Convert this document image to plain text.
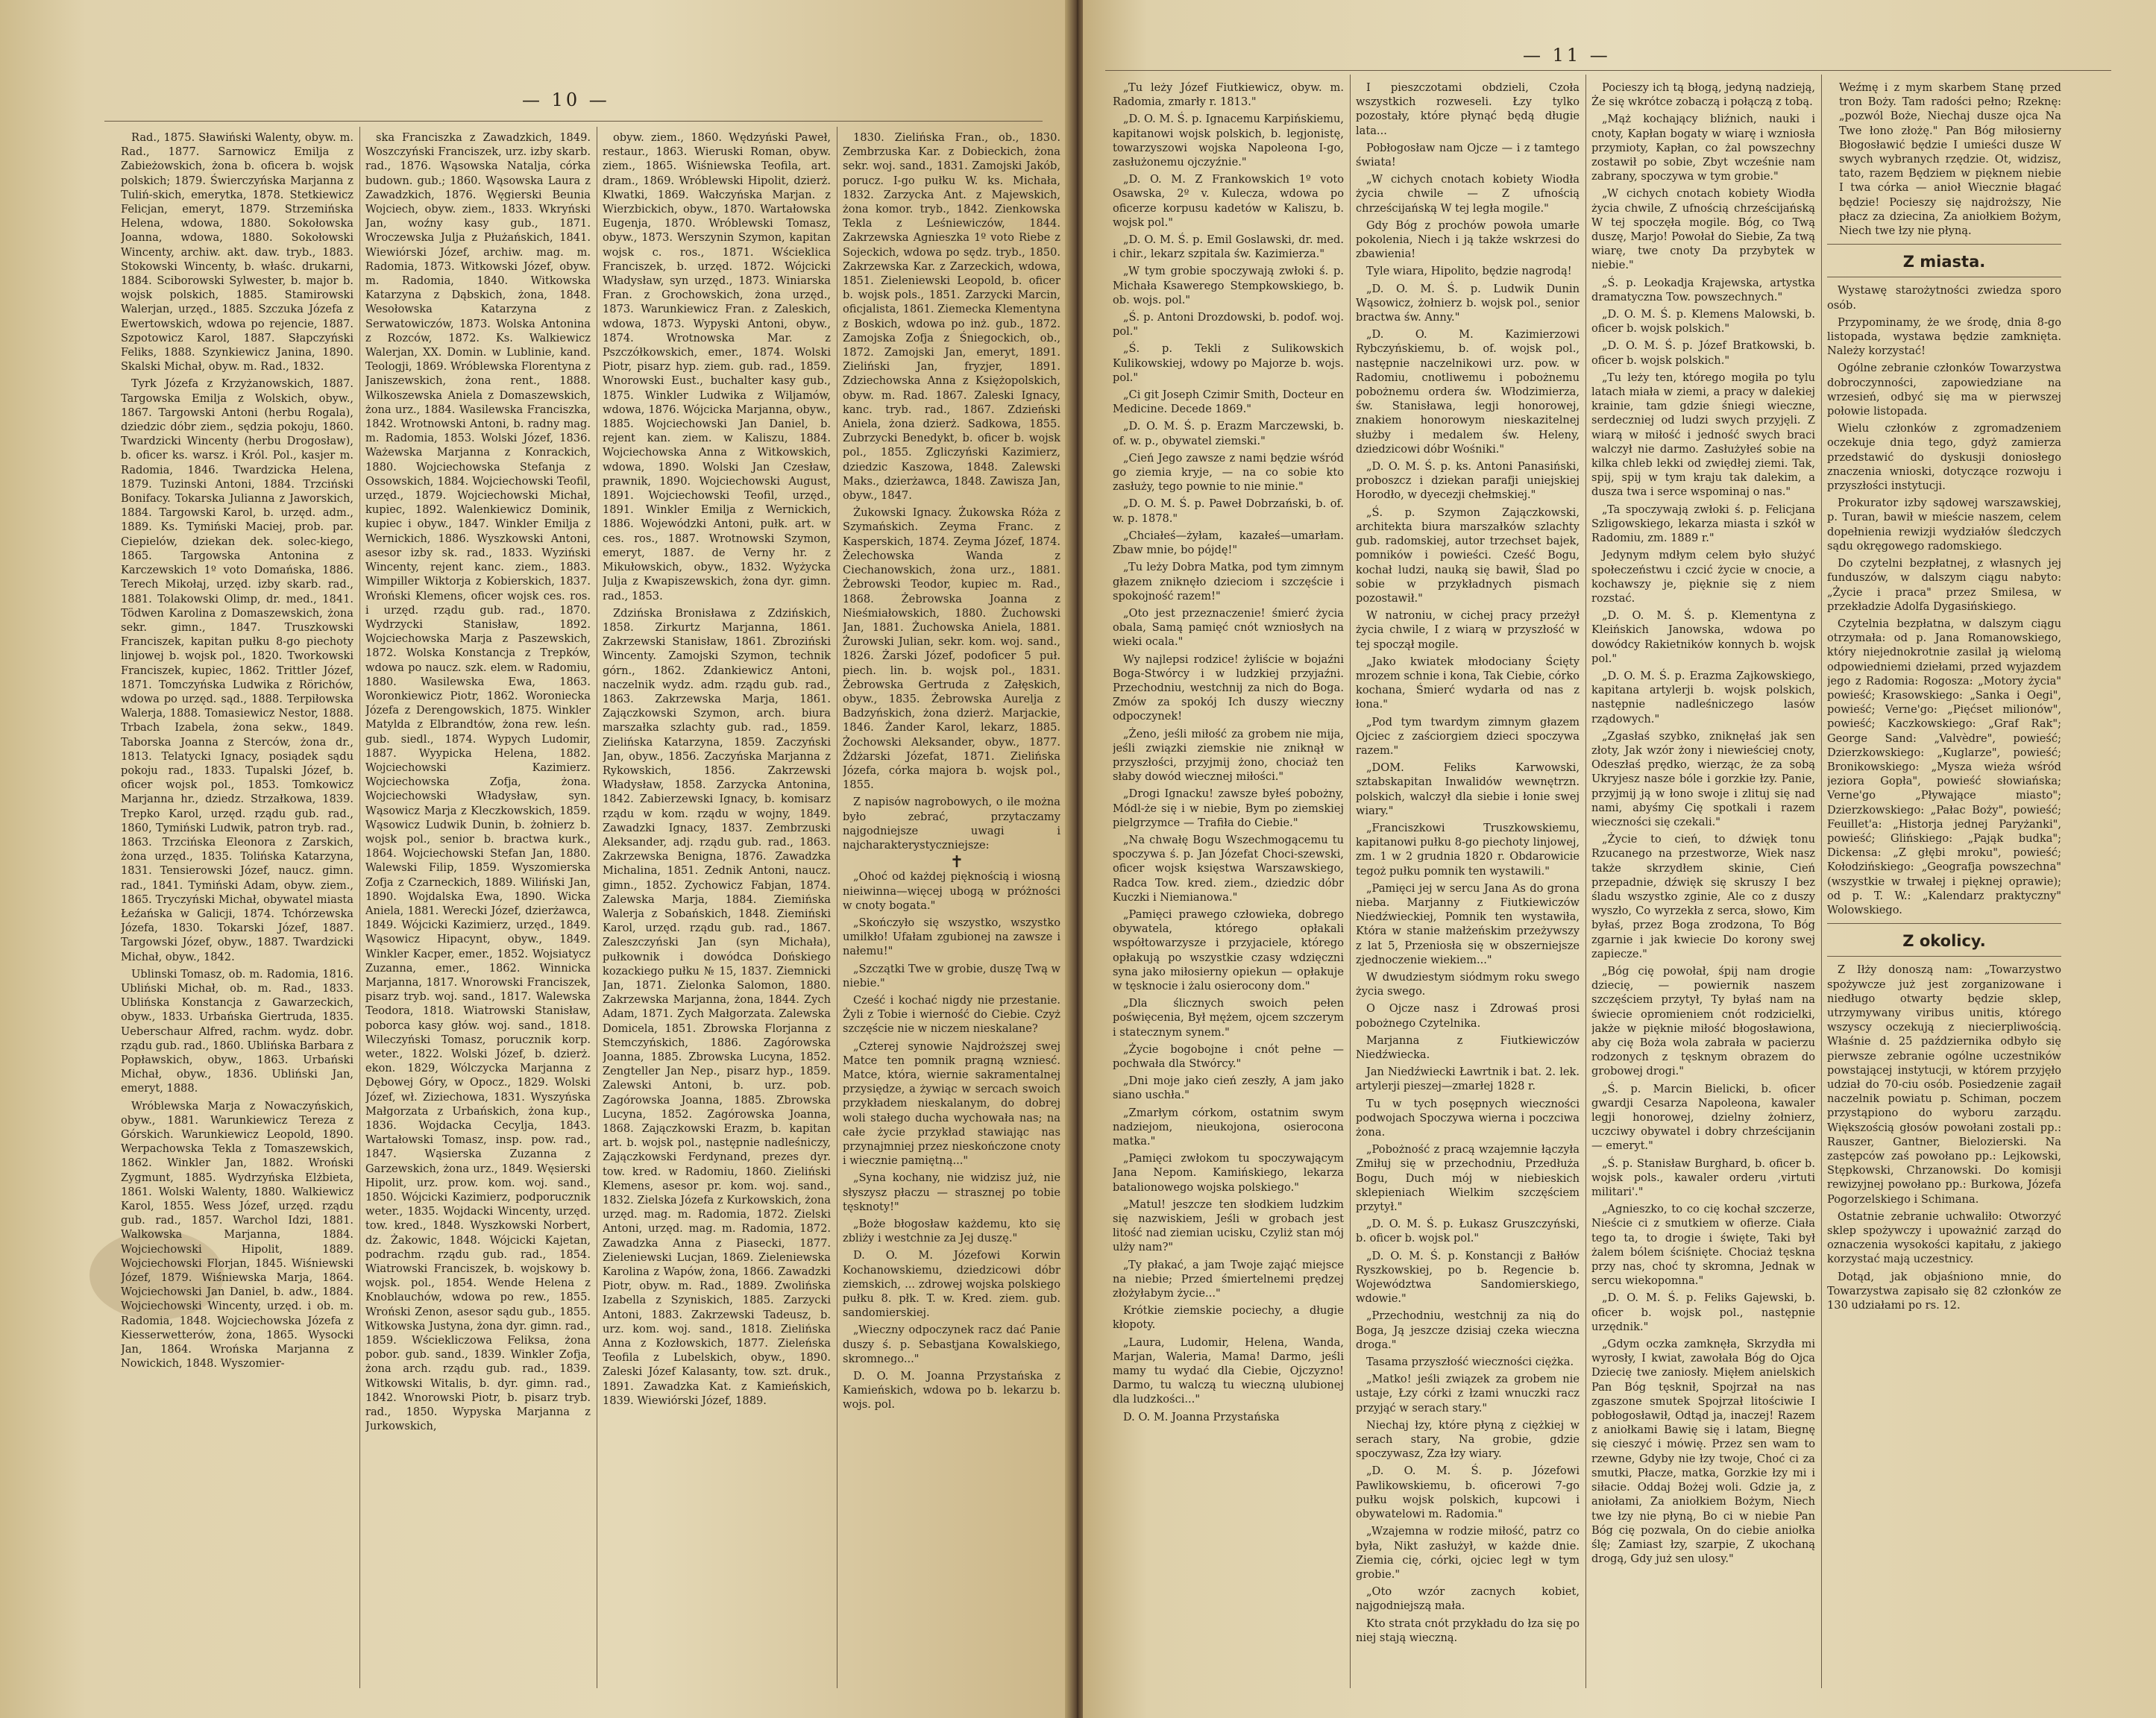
— 10 —

Rad., 1875. Sławiński Walenty, obyw. m. Rad., 1877. Sarnowicz Emilja z Zabieżowskich, żona b. oficera b. wojsk polskich; 1879. Świerczyńska Marjanna z Tuliń-skich, emerytka, 1878. Stetkiewicz Felicjan, emeryt, 1879. Strzemińska Helena, wdowa, 1880. Sokołowska Joanna, wdowa, 1880. Sokołowski Wincenty, archiw. akt. daw. tryb., 1883. Stokowski Wincenty, b. właśc. drukarni, 1884. Sciborowski Sylwester, b. major b. wojsk polskich, 1885. Stamirowski Walerjan, urzęd., 1885. Szczuka Józefa z Ewertowskich, wdowa po rejencie, 1887. Szpotowicz Karol, 1887. Słapczyński Feliks, 1888. Szynkiewicz Janina, 1890. Skalski Michał, obyw. m. Rad., 1832.

Tyrk Józefa z Krzyżanowskich, 1887. Targowska Emilja z Wolskich, obyw., 1867. Targowski Antoni (herbu Rogala), dziedzic dóbr ziem., sędzia pokoju, 1860. Twardzicki Wincenty (herbu Drogosław), b. oficer ks. warsz. i Król. Pol., kasjer m. Radomia, 1846. Twardzicka Helena, 1879. Tuzinski Antoni, 1884. Trzciński Bonifacy. Tokarska Julianna z Jaworskich, 1884. Targowski Karol, b. urzęd. adm., 1889. Ks. Tymiński Maciej, prob. par. Ciepielów, dziekan dek. solec-kiego, 1865. Targowska Antonina z Karczewskich 1º voto Domańska, 1886. Terech Mikołaj, urzęd. izby skarb. rad., 1881. Tolakowski Olimp, dr. med., 1841. Tödwen Karolina z Domaszewskich, żona sekr. gimn., 1847. Truszkowski Franciszek, kapitan pułku 8-go piechoty linjowej b. wojsk pol., 1820. Tworkowski Franciszek, kupiec, 1862. Trittler Józef, 1871. Tomczyńska Ludwika z Rörichów, wdowa po urzęd. sąd., 1888. Terpiłowska Walerja, 1888. Tomasiewicz Nestor, 1888. Trbach Izabela, żona sekw., 1849. Taborska Joanna z Sterców, żona dr., 1813. Telatycki Ignacy, posiądek sądu pokoju rad., 1833. Tupalski Józef, b. oficer wojsk pol., 1853. Tomkowicz Marjanna hr., dziedz. Strzałkowa, 1839. Trepko Karol, urzęd. rządu gub. rad., 1860, Tymiński Ludwik, patron tryb. rad., 1863. Trzcińska Eleonora z Zarskich, żona urzęd., 1835. Tolińska Katarzyna, 1831. Tensierowski Józef, naucz. gimn. rad., 1841. Tymiński Adam, obyw. ziem., 1865. Tryczyński Michał, obywatel miasta Łeźańska w Galicji, 1874. Tchórzewska Józefa, 1830. Tokarski Józef, 1887. Targowski Józef, obyw., 1887. Twardzicki Michał, obyw., 1842.

Ublinski Tomasz, ob. m. Radomia, 1816. Ubliński Michał, ob. m. Rad., 1833. Ublińska Konstancja z Gawarzeckich, obyw., 1833. Urbańska Giertruda, 1835. Ueberschaur Alfred, rachm. wydz. dobr. rządu gub. rad., 1860. Ublińska Barbara z Popławskich, obyw., 1863. Urbański Michał, obyw., 1836. Ubliński Jan, emeryt, 1888.

Wróblewska Marja z Nowaczyńskich, obyw., 1881. Warunkiewicz Tereza z Górskich. Warunkiewicz Leopold, 1890. Werpachowska Tekla z Tomaszewskich, 1862. Winkler Jan, 1882. Wroński Zygmunt, 1885. Wydrzyńska Elżbieta, 1861. Wolski Walenty, 1880. Walkiewicz Karol, 1855. Wess Józef, urzęd. rządu gub. rad., 1857. Warchol Idzi, 1881. Walkowska Marjanna, 1884. Wojciechowski Hipolit, 1889. Wojciechowski Florjan, 1845. Wiśniewski Józef, 1879. Wiśniewska Marja, 1864. Wojciechowski Jan Daniel, b. adw., 1884. Wojciechowski Wincenty, urzęd. i ob. m. Radomia, 1848. Wojciechowska Józefa z Kiesserwetterów, żona, 1865. Wysocki Jan, 1864. Wrońska Marjanna z Nowickich, 1848. Wyszomier-

ska Franciszka z Zawadzkich, 1849. Woszczyński Franciszek, urz. izby skarb. rad., 1876. Wąsowska Natalja, córka budown. gub.; 1860. Wąsowska Laura z Zawadzkich, 1876. Węgierski Beunia Wojciech, obyw. ziem., 1833. Wkryński Jan, woźny kasy gub., 1871. Wroczewska Julja z Płużańskich, 1841. Wiewiórski Józef, archiw. mag. m. Radomia, 1873. Witkowski Józef, obyw. m. Radomia, 1840. Witkowska Katarzyna z Dąbskich, żona, 1848. Wesołowska Katarzyna z Serwatowiczów, 1873. Wolska Antonina z Rozców, 1872. Ks. Walkiewicz Walerjan, XX. Domin. w Lublinie, kand. Teologji, 1869. Wróblewska Florentyna z Janiszewskich, żona rent., 1888. Wilkoszewska Aniela z Domaszewskich, żona urz., 1884. Wasilewska Franciszka, 1842. Wrotnowski Antoni, b. radny mag. m. Radomia, 1853. Wolski Józef, 1836. Ważewska Marjanna z Konrackich, 1880. Wojciechowska Stefanja z Ossowskich, 1884. Wojciechowski Teofil, urzęd., 1879. Wojciechowski Michał, kupiec, 1892. Walenkiewicz Dominik, kupiec i obyw., 1847. Winkler Emilja z Wernickich, 1886. Wyszkowski Antoni, asesor izby sk. rad., 1833. Wyziński Wincenty, rejent kanc. ziem., 1883. Wimpiller Wiktorja z Kobierskich, 1837. Wroński Klemens, oficer wojsk ces. ros. i urzęd. rządu gub. rad., 1870. Wydrzycki Stanisław, 1892. Wojciechowska Marja z Paszewskich, 1872. Wolska Konstancja z Trepków, wdowa po naucz. szk. elem. w Radomiu, 1880. Wasilewska Ewa, 1863. Woronkiewicz Piotr, 1862. Woroniecka Józefa z Derengowskich, 1875. Winkler Matylda z Elbrandtów, żona rew. leśn. gub. siedl., 1874. Wypych Ludomir, 1887. Wyypicka Helena, 1882. Wojciechowski Kazimierz. Wojciechowska Zofja, żona. Wojciechowski Władysław, syn. Wąsowicz Marja z Kleczkowskich, 1859. Wąsowicz Ludwik Dunin, b. żołnierz b. wojsk pol., senior b. bractwa kurk., 1864. Wojciechowski Stefan Jan, 1880. Walewski Filip, 1859. Wyszomierska Zofja z Czarneckich, 1889. Wiliński Jan, 1890. Wojdalska Ewa, 1890. Wicka Aniela, 1881. Werecki Józef, dzierżawca, 1849. Wójcicki Kazimierz, urzęd., 1849. Wąsowicz Hipacynt, obyw., 1849. Winkler Kacper, emer., 1852. Wojsiatycz Zuzanna, emer., 1862. Winnicka Marjanna, 1817. Wnorowski Franciszek, pisarz tryb. woj. sand., 1817. Walewska Teodora, 1818. Wiatrowski Stanisław, poborca kasy głów. woj. sand., 1818. Wileczyński Tomasz, porucznik korp. weter., 1822. Wolski Józef, b. dzierż. ekon. 1829, Wólczycka Marjanna z Dębowej Góry, w Opocz., 1829. Wolski Józef, wł. Ziziechowa, 1831. Wyszyńska Małgorzata z Urbańskich, żona kup., 1836. Wojdacka Cecylja, 1843. Wartałowski Tomasz, insp. pow. rad., 1847. Wąsierska Zuzanna z Garzewskich, żona urz., 1849. Węsierski Hipolit, urz. prow. kom. woj. sand., 1850. Wójcicki Kazimierz, podporucznik weter., 1835. Wojdacki Wincenty, urzęd. tow. kred., 1848. Wyszkowski Norbert, dz. Żakowic, 1848. Wójcicki Kajetan, podrachm. rządu gub. rad., 1854. Wiatrowski Franciszek, b. wojskowy b. wojsk. pol., 1854. Wende Helena z Knoblauchów, wdowa po rew., 1855. Wroński Zenon, asesor sądu gub., 1855. Witkowska Justyna, żona dyr. gimn. rad., 1859. Wściekliczowa Feliksa, żona pobor. gub. sand., 1839. Winkler Zofja, żona arch. rządu gub. rad., 1839. Witkowski Witalis, b. dyr. gimn. rad., 1842. Wnorowski Piotr, b. pisarz tryb. rad., 1850. Wypyska Marjanna z Jurkowskich,

obyw. ziem., 1860. Wędzyński Paweł, restaur., 1863. Wieruski Roman, obyw. ziem., 1865. Wiśniewska Teofila, art. dram., 1869. Wróblewski Hipolit, dzierż. Klwatki, 1869. Wałczyńska Marjan. z Wierzbickich, obyw., 1870. Wartałowska Eugenja, 1870. Wróblewski Tomasz, obyw., 1873. Werszynin Szymon, kapitan wojsk c. ros., 1871. Wścieklica Franciszek, b. urzęd. 1872. Wójcicki Władysław, syn urzęd., 1873. Winiarska Fran. z Grochowskich, żona urzęd., 1873. Warunkiewicz Fran. z Zaleskich, wdowa, 1873. Wypyski Antoni, obyw., 1874. Wrotnowska Mar. z Pszczółkowskich, emer., 1874. Wolski Piotr, pisarz hyp. ziem. gub. rad., 1859. Wnorowski Eust., buchalter kasy gub., 1875. Winkler Ludwika z Wiljamów, wdowa, 1876. Wójcicka Marjanna, obyw., 1885. Wojciechowski Jan Daniel, b. rejent kan. ziem. w Kaliszu, 1884. Wojciechowska Anna z Witkowskich, wdowa, 1890. Wolski Jan Czesław, prawnik, 1890. Wojciechowski August, 1891. Wojciechowski Teofil, urzęd., 1891. Winkler Emilja z Wernickich, 1886. Wojewódzki Antoni, pułk. art. w ces. ros., 1887. Wrotnowski Szymon, emeryt, 1887. de Verny hr. z Mikułowskich, obyw., 1832. Wyżycka Julja z Kwapiszewskich, żona dyr. gimn. rad., 1853.

Zdzińska Bronisława z Zdzińskich, 1858. Zirkurtz Marjanna, 1861. Zakrzewski Stanisław, 1861. Zbroziński Wincenty. Zamojski Szymon, technik górn., 1862. Zdankiewicz Antoni, naczelnik wydz. adm. rządu gub. rad., 1863. Zakrzewska Marja, 1861. Zajączkowski Szymon, arch. biura marszałka szlachty gub. rad., 1859. Zielińska Katarzyna, 1859. Zaczyński Jan, obyw., 1856. Zaczyńska Marjanna z Rykowskich, 1856. Zakrzewski Władysław, 1858. Zarzycka Antonina, 1842. Zabierzewski Ignacy, b. komisarz rządu w kom. rządu w wojny, 1849. Zawadzki Ignacy, 1837. Zembrzuski Aleksander, adj. rządu gub. rad., 1863. Zakrzewska Benigna, 1876. Zawadzka Michalina, 1851. Zednik Antoni, naucz. gimn., 1852. Zychowicz Fabjan, 1874. Zalewska Marja, 1884. Ziemińska Walerja z Sobańskich, 1848. Ziemiński Karol, urzęd. rządu gub. rad., 1867. Zaleszczyński Jan (syn Michała), pułkownik i dowódca Dońskiego kozackiego pułku № 15, 1837. Ziemnicki Jan, 1871. Zielonka Salomon, 1880. Zakrzewska Marjanna, żona, 1844. Zych Adam, 1871. Zych Małgorzata. Zalewska Domicela, 1851. Zbrowska Florjanna z Stemczyńskich, 1886. Zagórowska Joanna, 1885. Zbrowska Lucyna, 1852. Zengteller Jan Nep., pisarz hyp., 1859. Zalewski Antoni, b. urz. pob. Zagórowska Joanna, 1885. Zbrowska Lucyna, 1852. Zagórowska Joanna, 1868. Zajączkowski Erazm, b. kapitan art. b. wojsk pol., następnie nadleśniczy, Zajączkowski Ferdynand, prezes dyr. tow. kred. w Radomiu, 1860. Zieliński Klemens, asesor pr. kom. woj. sand., 1832. Zielska Józefa z Kurkowskich, żona urzęd. mag. m. Radomia, 1872. Zielski Antoni, urzęd. mag. m. Radomia, 1872. Zawadzka Anna z Piasecki, 1877. Zieleniewski Lucjan, 1869. Zieleniewska Karolina z Wapów, żona, 1866. Zawadzki Piotr, obyw. m. Rad., 1889. Zwolińska Izabella z Szyniskich, 1885. Zarzycki Antoni, 1883. Zakrzewski Tadeusz, b. urz. kom. woj. sand., 1818. Zielińska Anna z Kozłowskich, 1877. Zieleńska Teofila z Lubelskich, obyw., 1890. Zaleski Józef Kalasanty, tow. szt. druk., 1891. Zawadzka Kat. z Kamieńskich, 1839. Wiewiórski Józef, 1889.

1830. Zielińska Fran., ob., 1830. Zembrzuska Kar. z Dobieckich, żona sekr. woj. sand., 1831. Zamojski Jakób, porucz. I-go pułku W. ks. Michała, 1832. Zarzycka Ant. z Majewskich, żona komor. tryb., 1842. Zienkowska Tekla z Leśniewiczów, 1844. Zakrzewska Agnieszka 1º voto Riebe z Sojeckich, wdowa po sędz. tryb., 1850. Zakrzewska Kar. z Zarzeckich, wdowa, 1851. Zieleniewski Leopold, b. oficer b. wojsk pols., 1851. Zarzycki Marcin, oficjalista, 1861. Ziemecka Klementyna z Boskich, wdowa po inż. gub., 1872. Zamojska Zofja z Śniegockich, ob., 1872. Zamojski Jan, emeryt, 1891. Zieliński Jan, fryzjer, 1891. Zdziechowska Anna z Księżopolskich, obyw. m. Rad. 1867. Zaleski Ignacy, kanc. tryb. rad., 1867. Zdzieński Aniela, żona dzierż. Sadkowa, 1855. Zubrzycki Benedykt, b. oficer b. wojsk pol., 1855. Zgliczyński Kazimierz, dziedzic Kaszowa, 1848. Zalewski Maks., dzierżawca, 1848. Zawisza Jan, obyw., 1847.

Żukowski Ignacy. Żukowska Róża z Szymańskich. Zeyma Franc. z Kasperskich, 1874. Zeyma Józef, 1874. Żelechowska Wanda z Ciechanowskich, żona urz., 1881. Żebrowski Teodor, kupiec m. Rad., 1868. Żebrowska Joanna z Nieśmiałowskich, 1880. Żuchowski Jan, 1881. Żuchowska Aniela, 1881. Żurowski Julian, sekr. kom. woj. sand., 1826. Żarski Józef, podoficer 5 puł. piech. lin. b. wojsk pol., 1831. Żebrowska Gertruda z Załęskich, obyw., 1835. Żebrowska Aurelja z Badzyńskich, żona dzierż. Marjackie, 1846. Żander Karol, lekarz, 1885. Żochowski Aleksander, obyw., 1877. Żdżarski Józefat, 1871. Zielińska Józefa, córka majora b. wojsk pol., 1855.

Z napisów nagrobowych, o ile można było zebrać, przytaczamy najgodniejsze uwagi i najcharakterystyczniejsze:

✝

„Ohoć od każdej pięknością i wiosną nieiwinna—więcej ubogą w próżności w cnoty bogata."

„Skończyło się wszystko, wszystko umilkło! Ufałam zgubionej na zawsze i nałemu!"

„Szczątki Twe w grobie, duszę Twą w niebie."

Cześć i kochać nigdy nie przestanie. Żyli z Tobie i wierność do Ciebie. Czyż szczęście nie w niczem nieskalane?

„Czterej synowie Najdroższej swej Matce ten pomnik pragną wzniesć. Matce, która, wiernie sakramentalnej przysiędze, a żywiąc w sercach swoich przykładem nieskalanym, do dobrej woli stałego ducha wychowała nas; na całe życie przykład stawiając nas przynajmniej przez nieskończone cnoty i wiecznie pamiętną..."

„Syna kochany, nie widzisz już, nie słyszysz płaczu — strasznej po tobie tęsknoty!"

„Boże błogosław każdemu, kto się zbliży i westchnie za Jej duszę."

D. O. M. Józefowi Korwin Kochanowskiemu, dziedzicowi dóbr ziemskich, ... zdrowej wojska polskiego pułku 8. płk. T. w. Kred. ziem. gub. sandomierskiej.

„Wieczny odpoczynek racz dać Panie duszy ś. p. Sebastjana Kowalskiego, skromnego..."

D. O. M. Joanna Przystańska z Kamieńskich, wdowa po b. lekarzu b. wojs. pol.

— 11 —

„Tu leży Józef Fiutkiewicz, obyw. m. Radomia, zmarły r. 1813."

„D. O. M. Ś. p. Ignacemu Karpińskiemu, kapitanowi wojsk polskich, b. legjonistę, towarzyszowi wojska Napoleona I-go, zasłużonemu ojczyźnie."

„D. O. M. Z Frankowskich 1º voto Osawska, 2º v. Kulecza, wdowa po oficerze korpusu kadetów w Kaliszu, b. wojsk pol."

„D. O. M. Ś. p. Emil Goslawski, dr. med. i chir., lekarz szpitala św. Kazimierza."

„W tym grobie spoczywają zwłoki ś. p. Michała Ksawerego Stempkowskiego, b. ob. wojs. pol."

„Ś. p. Antoni Drozdowski, b. podof. woj. pol."

„Ś. p. Tekli z Sulikowskich Kulikowskiej, wdowy po Majorze b. wojs. pol."

„Ci git Joseph Czimir Smith, Docteur en Medicine. Decede 1869."

„D. O. M. Ś. p. Erazm Marczewski, b. of. w. p., obywatel ziemski."

„Cień Jego zawsze z nami będzie wśród go ziemia kryje, — na co sobie kto zasłuży, tego pownie to nie minie."

„D. O. M. Ś. p. Paweł Dobrzański, b. of. w. p. 1878."

„Chciałeś—żyłam, kazałeś—umarłam. Zbaw mnie, bo pójdę!"

„Tu leży Dobra Matka, pod tym zimnym głazem zniknęło dzieciom i szczęście i spokojność razem!"

„Oto jest przeznaczenie! śmierć życia obala, Samą pamięć cnót wzniosłych na wieki ocala."

Wy najlepsi rodzice! żyliście w bojaźni Boga-Stwórcy i w ludzkiej przyjaźni. Przechodniu, westchnij za nich do Boga. Zmów za spokój Ich duszy wieczny odpoczynek!

„Żeno, jeśli miłość za grobem nie mija, jeśli związki ziemskie nie zniknął w przyszłości, przyjmij żono, chociaż ten słaby dowód wiecznej miłości."

„Drogi Ignacku! zawsze byłeś pobożny, Módl-że się i w niebie, Bym po ziemskiej pielgrzymce — Trafiła do Ciebie."

„Na chwałę Bogu Wszechmogącemu tu spoczywa ś. p. Jan Józefat Choci-szewski, oficer wojsk księstwa Warszawskiego, Radca Tow. kred. ziem., dziedzic dóbr Kuczki i Niemianowa."

„Pamięci prawego człowieka, dobrego obywatela, którego opłakali współtowarzysze i przyjaciele, którego opłakują po wszystkie czasy wdzięczni syna jako miłosierny opiekun — opłakuje w tęsknocie i żalu osierocony dom."

„Dla ślicznych swoich pełen poświęcenia, Był mężem, ojcem szczerym i statecznym synem."

„Życie bogobojne i cnót pełne — pochwała dla Stwórcy."

„Dni moje jako cień zeszły, A jam jako siano uschła."

„Zmarłym córkom, ostatnim swym nadziejom, nieukojona, osierocona matka."

„Pamięci zwłokom tu spoczywającym Jana Nepom. Kamińskiego, lekarza batalionowego wojska polskiego."

„Matul! jeszcze ten słodkiem ludzkim się nazwiskiem, Jeśli w grobach jest litość nad ziemian ucisku, Czyliż stan mój ulży nam?"

„Ty płakać, a jam Twoje zająć miejsce na niebie; Przed śmiertelnemi prędzej złożyłabym życie..."

Krótkie ziemskie pociechy, a długie kłopoty.

„Laura, Ludomir, Helena, Wanda, Marjan, Waleria, Mama! Darmo, jeśli mamy tu wydać dla Ciebie, Ojczyzno! Darmo, tu walczą tu wieczną ulubionej dla ludzkości..."

D. O. M. Joanna Przystańska

I pieszczotami obdzieli, Czoła wszystkich rozweseli. Łzy tylko pozostały, które płynąć będą długie lata...

Pobłogosław nam Ojcze — i z tamtego świata!

„W cichych cnotach kobiety Wiodła życia chwile — Z ufnością chrześcijańską W tej legła mogile."

Gdy Bóg z prochów powoła umarłe pokolenia, Niech i ją także wskrzesi do zbawienia!

Tyle wiara, Hipolito, będzie nagrodą!

„D. O. M. Ś. p. Ludwik Dunin Wąsowicz, żołnierz b. wojsk pol., senior bractwa św. Anny."

„D. O. M. Kazimierzowi Rybczyńskiemu, b. of. wojsk pol., następnie naczelnikowi urz. pow. w Radomiu, cnotliwemu i pobożnemu pobożnemu ordera św. Włodzimierza, św. Stanisława, legji honorowej, znakiem honorowym nieskazitelnej służby i medalem św. Heleny, dziedzicowi dóbr Wośniki."

„D. O. M. Ś. p. ks. Antoni Panasiński, proboszcz i dziekan parafji uniejskiej Horodło, w dyecezji chełmskiej."

„Ś. p. Szymon Zajączkowski, architekta biura marszałków szlachty gub. radomskiej, autor trzechset bajek, pomników i powieści. Cześć Bogu, kochał ludzi, nauką się bawił, Ślad po sobie w przykładnych pismach pozostawił."

W natroniu, w cichej pracy przeżył życia chwile, I z wiarą w przyszłość w tej spoczął mogile.

„Jako kwiatek młodociany Ścięty mrozem schnie i kona, Tak Ciebie, córko kochana, Śmierć wydarła od nas z łona."

„Pod tym twardym zimnym głazem Ojciec z zaściorgiem dzieci spoczywa razem."

„DOM. Feliks Karwowski, sztabskapitan Inwalidów wewnętrzn. polskich, walczył dla siebie i łonie swej wiary."

„Franciszkowi Truszkowskiemu, kapitanowi pułku 8-go piechoty linjowej, zm. 1 w 2 grudnia 1820 r. Obdarowicie tegoż pułku pomnik ten wystawili."

„Pamięci jej w sercu Jana As do grona nieba. Marjanny z Fiutkiewiczów Niedźwieckiej, Pomnik ten wystawiła, Która w stanie małżeńskim przeżywszy z lat 5, Przeniosła się w obszerniejsze zjednoczenie wiekiem..."

W dwudziestym siódmym roku swego życia swego.

O Ojcze nasz i Zdrowaś prosi pobożnego Czytelnika.

Marjanna z Fiutkiewiczów Niedźwiecka.

Jan Niedźwiecki Ławrtnik i bat. 2. lek. artylerji pieszej—zmarłej 1828 r.

Tu w tych posępnych wieczności podwojach Spoczywa wierna i poczciwa żona.

„Pobożność z pracą wzajemnie łączyła Zmiłuj się w przechodniu, Przedłuża Bogu, Duch mój w niebieskich sklepieniach Wielkim szczęściem przytył."

„D. O. M. Ś. p. Łukasz Gruszczyński, b. oficer b. wojsk pol."

„D. O. M. Ś. p. Konstancji z Bałłów Ryszkowskiej, po b. Regencie b. Województwa Sandomierskiego, wdowie."

„Przechodniu, westchnij za nią do Boga, Ją jeszcze dzisiaj czeka wieczna droga."

Tasama przyszłość wieczności ciężka.

„Matko! jeśli związek za grobem nie ustaje, Łzy córki z łzami wnuczki racz przyjąć w serach stary."

Niechaj łzy, które płyną z ciężkiej w serach stary, Na grobie, gdzie spoczywasz, Zza łzy wiary.

„D. O. M. Ś. p. Józefowi Pawlikowskiemu, b. oficerowi 7-go pułku wojsk polskich, kupcowi i obywatelowi m. Radomia."

„Wzajemna w rodzie miłość, patrz co była, Nikt zasłużył, w każde dnie. Ziemia cię, córki, ojciec legł w tym grobie."

„Oto wzór zacnych kobiet, najgodniejszą mała.

Kto strata cnót przykładu do łza się po niej stają wieczną.

Pocieszy ich tą błogą, jedyną nadzieją, Że się wkrótce zobaczą i połączą z tobą.

„Mąż kochający bliźnich, nauki i cnoty, Kapłan bogaty w wiarę i wzniosła przymioty, Kapłan, co żal powszechny zostawił po sobie, Zbyt wcześnie nam zabrany, spoczywa w tym grobie."

„W cichych cnotach kobiety Wiodła życia chwile, Z ufnością chrześcijańską W tej spoczęła mogile. Bóg, co Twą duszę, Marjo! Powołał do Siebie, Za twą wiarę, twe cnoty Da przybytek w niebie."

„Ś. p. Leokadja Krajewska, artystka dramatyczna Tow. powszechnych."

„D. O. M. Ś. p. Klemens Malowski, b. oficer b. wojsk polskich."

„D. O. M. Ś. p. Józef Bratkowski, b. oficer b. wojsk polskich."

„Tu leży ten, którego mogiła po tylu latach miała w ziemi, a pracy w dalekiej krainie, tam gdzie śniegi wieczne, serdeczniej od ludzi swych przyjęli. Z wiarą w miłość i jedność swych braci walczył nie darmo. Zasłużyłeś sobie na kilka chleb lekki od zwiędłej ziemi. Tak, spij, spij w tym kraju tak dalekim, a dusza twa i serce wspominaj o nas."

„Ta spoczywają zwłoki ś. p. Felicjana Szligowskiego, lekarza miasta i szkół w Radomiu, zm. 1889 r."

Jedynym mdłym celem było służyć społeczeństwu i czcić życie w cnocie, a kochawszy je, pięknie się z niem rozstać.

„D. O. M. Ś. p. Klementyna z Kleińskich Janowska, wdowa po dowódcy Rakietników konnych b. wojsk pol."

„D. O. M. Ś. p. Erazma Zajkowskiego, kapitana artylerji b. wojsk polskich, następnie nadleśniczego lasów rządowych."

„Zgasłaś szybko, zniknęłaś jak sen złoty, Jak wzór żony i niewieściej cnoty, Odeszłaś prędko, wierząc, że za sobą Ukryjesz nasze bóle i gorzkie łzy. Panie, przyjmij ją w łono swoje i zlituj się nad nami, abyśmy Cię spotkali i razem wieczności się czekali."

„Życie to cień, to dźwięk tonu Rzucanego na przestworze, Wiek nasz także skrzydłem skinie, Cień przepadnie, dźwięk się skruszy I bez śladu wszystko zginie, Ale co z duszy wyszło, Co wyrzekła z serca, słowo, Kim byłaś, przez Boga zrodzona, To Bóg zgarnie i jak kwiecie Do korony swej zapiecze."

„Bóg cię powołał, śpij nam drogie dziecię, — powiernik naszem szczęściem przytył, Ty byłaś nam na świecie opromieniem cnót rodzicielki, jakże w pięknie miłość błogosławiona, aby cię Boża wola zabrała w pacierzu rodzonych z tęsknym obrazem do grobowej drogi."

„Ś. p. Marcin Bielicki, b. oficer gwardji Cesarza Napoleona, kawaler legji honorowej, dzielny żołnierz, uczciwy obywatel i dobry chrześcijanin — emeryt."

„Ś. p. Stanisław Burghard, b. oficer b. wojsk pols., kawaler orderu ‚virtuti militari'."

„Agnieszko, to co cię kochał szczerze, Nieście ci z smutkiem w ofierze. Ciała tego ta, to drogie i święte, Taki był żalem bólem ściśnięte. Chociaż tęskna przy nas, choć ty skromna, Jednak w sercu wiekopomna."

„D. O. M. Ś. p. Feliks Gajewski, b. oficer b. wojsk pol., następnie urzędnik."

„Gdym oczka zamknęła, Skrzydła mi wyrosły, I kwiat, zawołała Bóg do Ojca Dziecię twe zaniosły. Mięłem anielskich Pan Bóg tęsknił, Spojrzał na nas zgaszone smutek Spojrzał litościwie I pobłogosławił, Odtąd ja, inaczej! Razem z aniołkami Bawię się i latam, Biegnę się cieszyć i mówię. Przez sen wam to rzewne, Gdyby nie łzy twoje, Choć ci za smutki, Płacze, matka, Gorzkie łzy mi i siłacie. Oddaj Bożej woli. Gdzie ja, z aniołami, Za aniołkiem Bożym, Niech twe łzy nie płyną, Bo ci w niebie Pan Bóg cię pozwala, On do ciebie aniołka ślę; Zamiast łzy, szarpie, Z ukochaną drogą, Gdy już sen ulosy."

Weźmę i z mym skarbem Stanę przed tron Boży. Tam radości pełno; Rzeknę: „pozwól Boże, Niechaj dusze ojca Na Twe łono złożę." Pan Bóg miłosierny Błogosławić będzie I umieści dusze W swych wybranych rzędzie. Ot, widzisz, tato, razem Będziem w pięknem niebie I twa córka — anioł Wiecznie błagać będzie! Pocieszy się najdroższy, Nie płacz za dziecina, Za aniołkiem Bożym, Niech twe łzy nie płyną.

Z miasta.

Wystawę starożytności zwiedza sporo osób.

Przypominamy, że we środę, dnia 8-go listopada, wystawa będzie zamknięta. Należy korzystać!

Ogólne zebranie członków Towarzystwa dobroczynności, zapowiedziane na wrzesień, odbyć się ma w pierwszej połowie listopada.

Wielu członków z zgromadzeniem oczekuje dnia tego, gdyż zamierza przedstawić do dyskusji doniosłego znaczenia wnioski, dotyczące rozwoju i przyszłości instytucji.

Prokurator izby sądowej warszawskiej, p. Turan, bawił w mieście naszem, celem dopełnienia rewizji wydziałów śledczych sądu okręgowego radomskiego.

Do czytelni bezpłatnej, z własnych jej funduszów, w dalszym ciągu nabyto: „Życie i praca" przez Smilesa, w przekładzie Adolfa Dygasińskiego.

Czytelnia bezpłatna, w dalszym ciągu otrzymała: od p. Jana Romanowskiego, który niejednokrotnie zasilał ją wielomą odpowiedniemi dziełami, przed wyjazdem jego z Radomia: Rogosza: „Motory życia" powieść; Krasowskiego: „Sanka i Oegi", powieść; Verne'go: „Pięćset milionów", powieść; Kaczkowskiego: „Graf Rak"; George Sand: „Valvèdre", powieść; Dzierzkowskiego: „Kuglarze", powieść; Bronikowskiego: „Mysza wieża wśród jeziora Gopła", powieść słowiańska; Verne'go „Pływające miasto"; Dzierzkowskiego: „Pałac Boży", powieść; Feuillet'a: „Historja jednej Paryżanki", powieść; Glińskiego: „Pająk budka"; Dickensa: „Z głębi mroku", powieść; Kołodzińskiego: „Geografja powszechna" (wszystkie w trwałej i pięknej oprawie); od p. T. W.: „Kalendarz praktyczny" Wolowskiego.

Z okolicy.

Z Iłży donoszą nam: „Towarzystwo spożywcze już jest zorganizowane i niedługo otwarty będzie sklep, utrzymywany viribus unitis, którego wszyscy oczekują z niecierpliwością. Właśnie d. 25 października odbyło się pierwsze zebranie ogólne uczestników powstającej instytucji, w którem przyjęło udział do 70-ciu osób. Posiedzenie zagaił naczelnik powiatu p. Schiman, poczem przystąpiono do wyboru zarządu. Większością głosów powołani zostali pp.: Rauszer, Gantner, Bielozierski. Na zastępców zaś powołano pp.: Lejkowski, Stępkowski, Chrzanowski. Do komisji rewizyjnej powołano pp.: Burkowa, Józefa Pogorzelskiego i Schimana.

Ostatnie zebranie uchwaliło: Otworzyć sklep spożywczy i upoważnić zarząd do oznaczenia wysokości kapitału, z jakiego korzystać mają uczestnicy.

Dotąd, jak objaśniono mnie, do Towarzystwa zapisało się 82 członków ze 130 udziałami po rs. 12.
